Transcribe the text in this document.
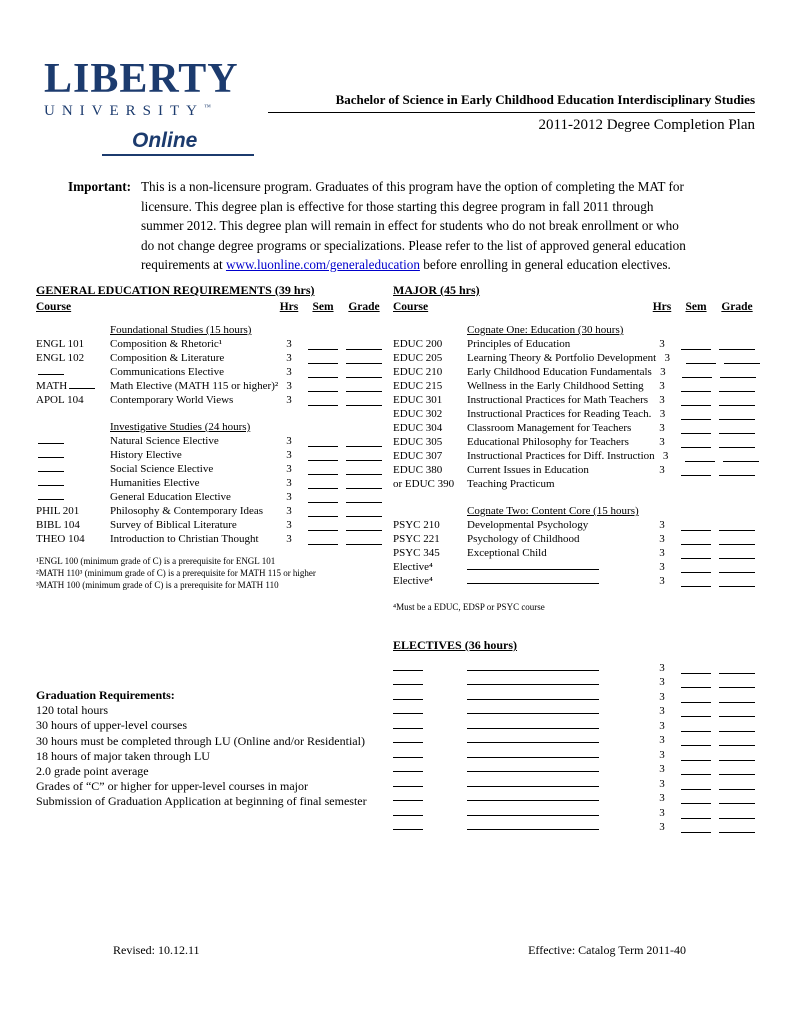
LIBERTY
UNIVERSITY™
Online
Bachelor of Science in Early Childhood Education Interdisciplinary Studies
2011-2012 Degree Completion Plan
Important: This is a non-licensure program. Graduates of this program have the option of completing the MAT for licensure. This degree plan is effective for those starting this degree program in fall 2011 through summer 2012. This degree plan will remain in effect for students who do not break enrollment or who do not change degree programs or specializations. Please refer to the list of approved general education requirements at www.luonline.com/generaleducation before enrolling in general education electives.
GENERAL EDUCATION REQUIREMENTS (39 hrs)
Course	Hrs	Sem	Grade
Foundational Studies (15 hours)
ENGL 101	Composition & Rhetoric¹	3
ENGL 102	Composition & Literature	3
Communications Elective	3
MATH	Math Elective (MATH 115 or higher)² 3
APOL 104	Contemporary World Views	3
Investigative Studies (24 hours)
Natural Science Elective	3
History Elective	3
Social Science Elective	3
Humanities Elective	3
General Education Elective	3
PHIL 201	Philosophy & Contemporary Ideas	3
BIBL 104	Survey of Biblical Literature	3
THEO 104	Introduction to Christian Thought	3
¹ENGL 100 (minimum grade of C) is a prerequisite for ENGL 101
²MATH 110³ (minimum grade of C) is a prerequisite for MATH 115 or higher
³MATH 100 (minimum grade of C) is a prerequisite for MATH 110
MAJOR (45 hrs)
Course	Hrs	Sem	Grade
Cognate One: Education (30 hours)
EDUC 200	Principles of Education	3
EDUC 205	Learning Theory & Portfolio Development 3
EDUC 210	Early Childhood Education Fundamentals 3
EDUC 215	Wellness in the Early Childhood Setting	3
EDUC 301	Instructional Practices for Math Teachers	3
EDUC 302	Instructional Practices for Reading Teach. 3
EDUC 304	Classroom Management for Teachers	3
EDUC 305	Educational Philosophy for Teachers	3
EDUC 307	Instructional Practices for Diff. Instruction 3
EDUC 380	Current Issues in Education	3
or EDUC 390	Teaching Practicum
Cognate Two: Content Core (15 hours)
PSYC 210	Developmental Psychology	3
PSYC 221	Psychology of Childhood	3
PSYC 345	Exceptional Child	3
Elective⁴	3
Elective⁴	3
⁴Must be a EDUC, EDSP or PSYC course
ELECTIVES (36 hours)
3
3
3
3
3
3
3
3
3
3
3
3
Graduation Requirements:
120 total hours
30 hours of upper-level courses
30 hours must be completed through LU (Online and/or Residential)
18 hours of major taken through LU
2.0 grade point average
Grades of “C” or higher for upper-level courses in major
Submission of Graduation Application at beginning of final semester
Revised: 10.12.11	Effective: Catalog Term 2011-40
